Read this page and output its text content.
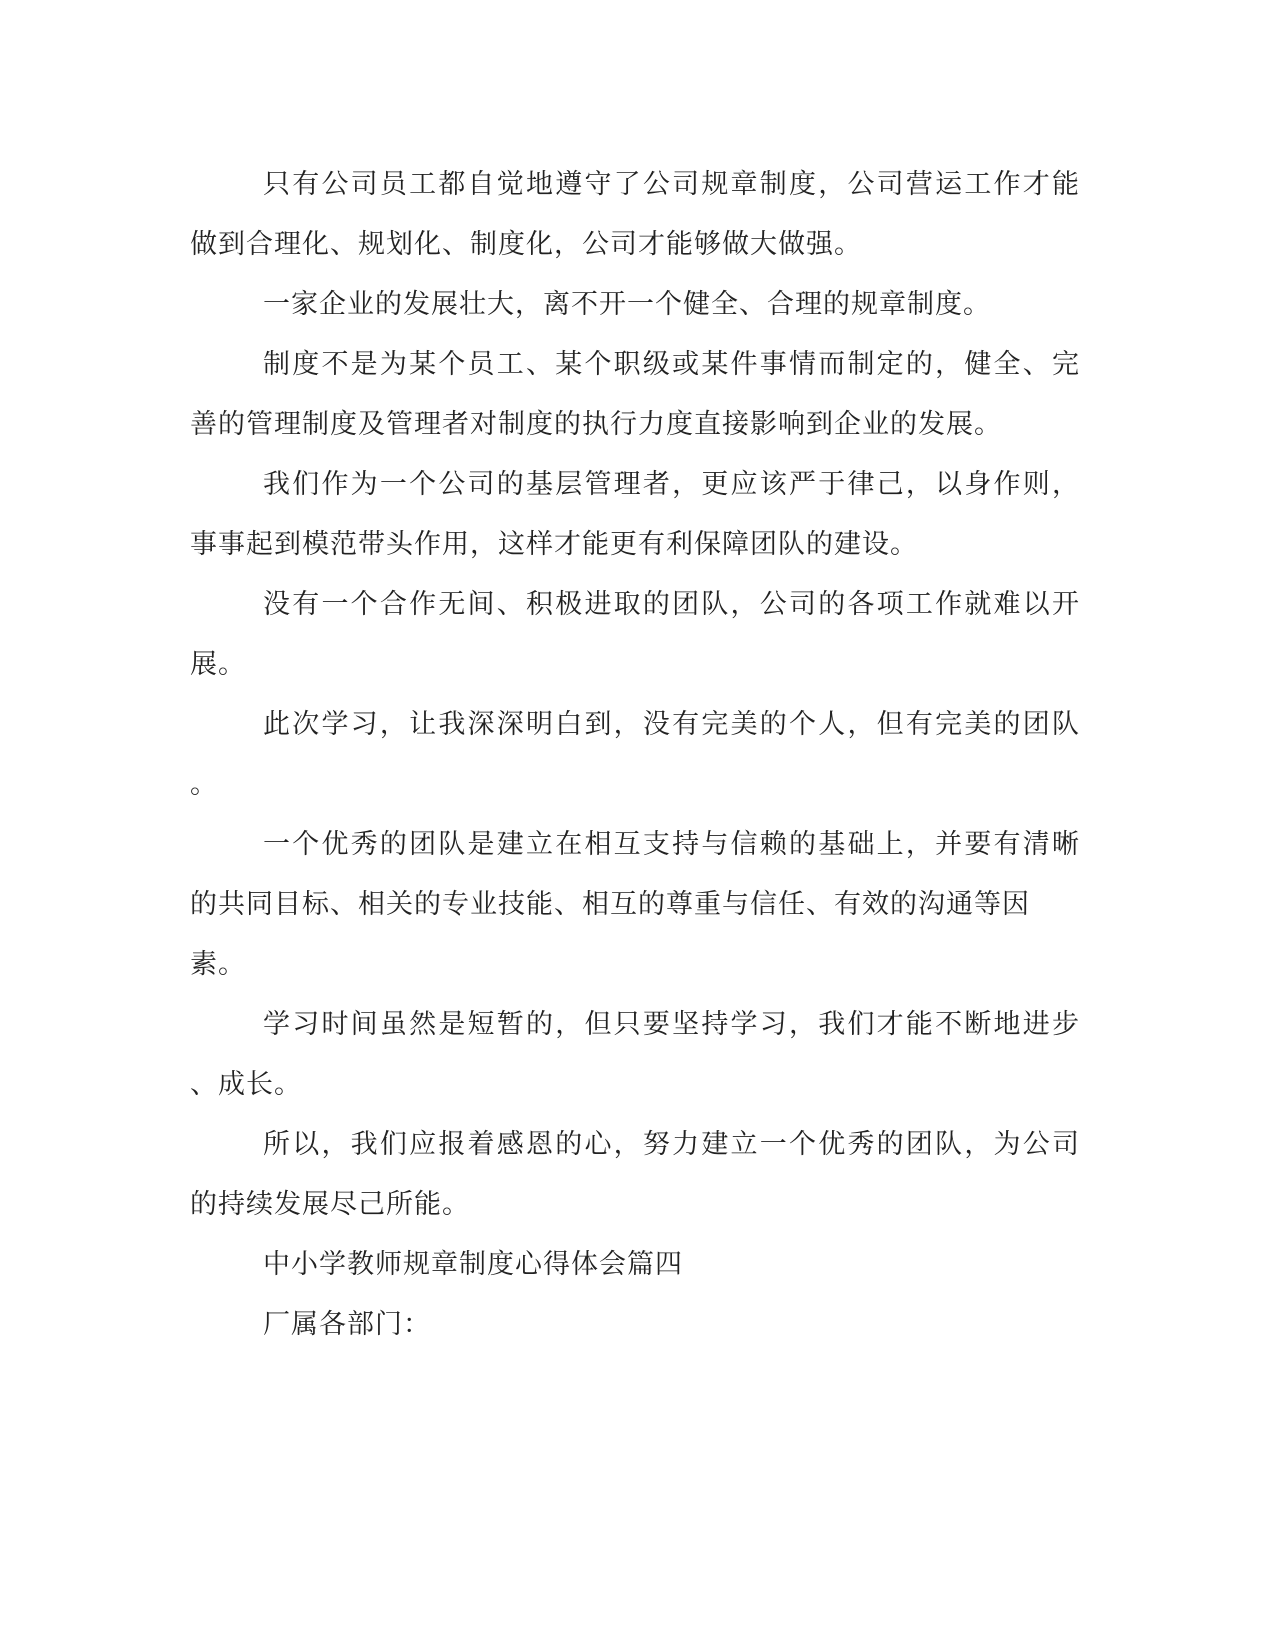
只有公司员工都自觉地遵守了公司规章制度，公司营运工作才能
做到合理化、规划化、制度化，公司才能够做大做强。
一家企业的发展壮大，离不开一个健全、合理的规章制度。
制度不是为某个员工、某个职级或某件事情而制定的，健全、完
善的管理制度及管理者对制度的执行力度直接影响到企业的发展。
我们作为一个公司的基层管理者，更应该严于律己，以身作则，
事事起到模范带头作用，这样才能更有利保障团队的建设。
没有一个合作无间、积极进取的团队，公司的各项工作就难以开
展。
此次学习，让我深深明白到，没有完美的个人，但有完美的团队
。
一个优秀的团队是建立在相互支持与信赖的基础上，并要有清晰
的共同目标、相关的专业技能、相互的尊重与信任、有效的沟通等因
素。
学习时间虽然是短暂的，但只要坚持学习，我们才能不断地进步
、成长。
所以，我们应报着感恩的心，努力建立一个优秀的团队，为公司
的持续发展尽己所能。
中小学教师规章制度心得体会篇四
厂属各部门：
